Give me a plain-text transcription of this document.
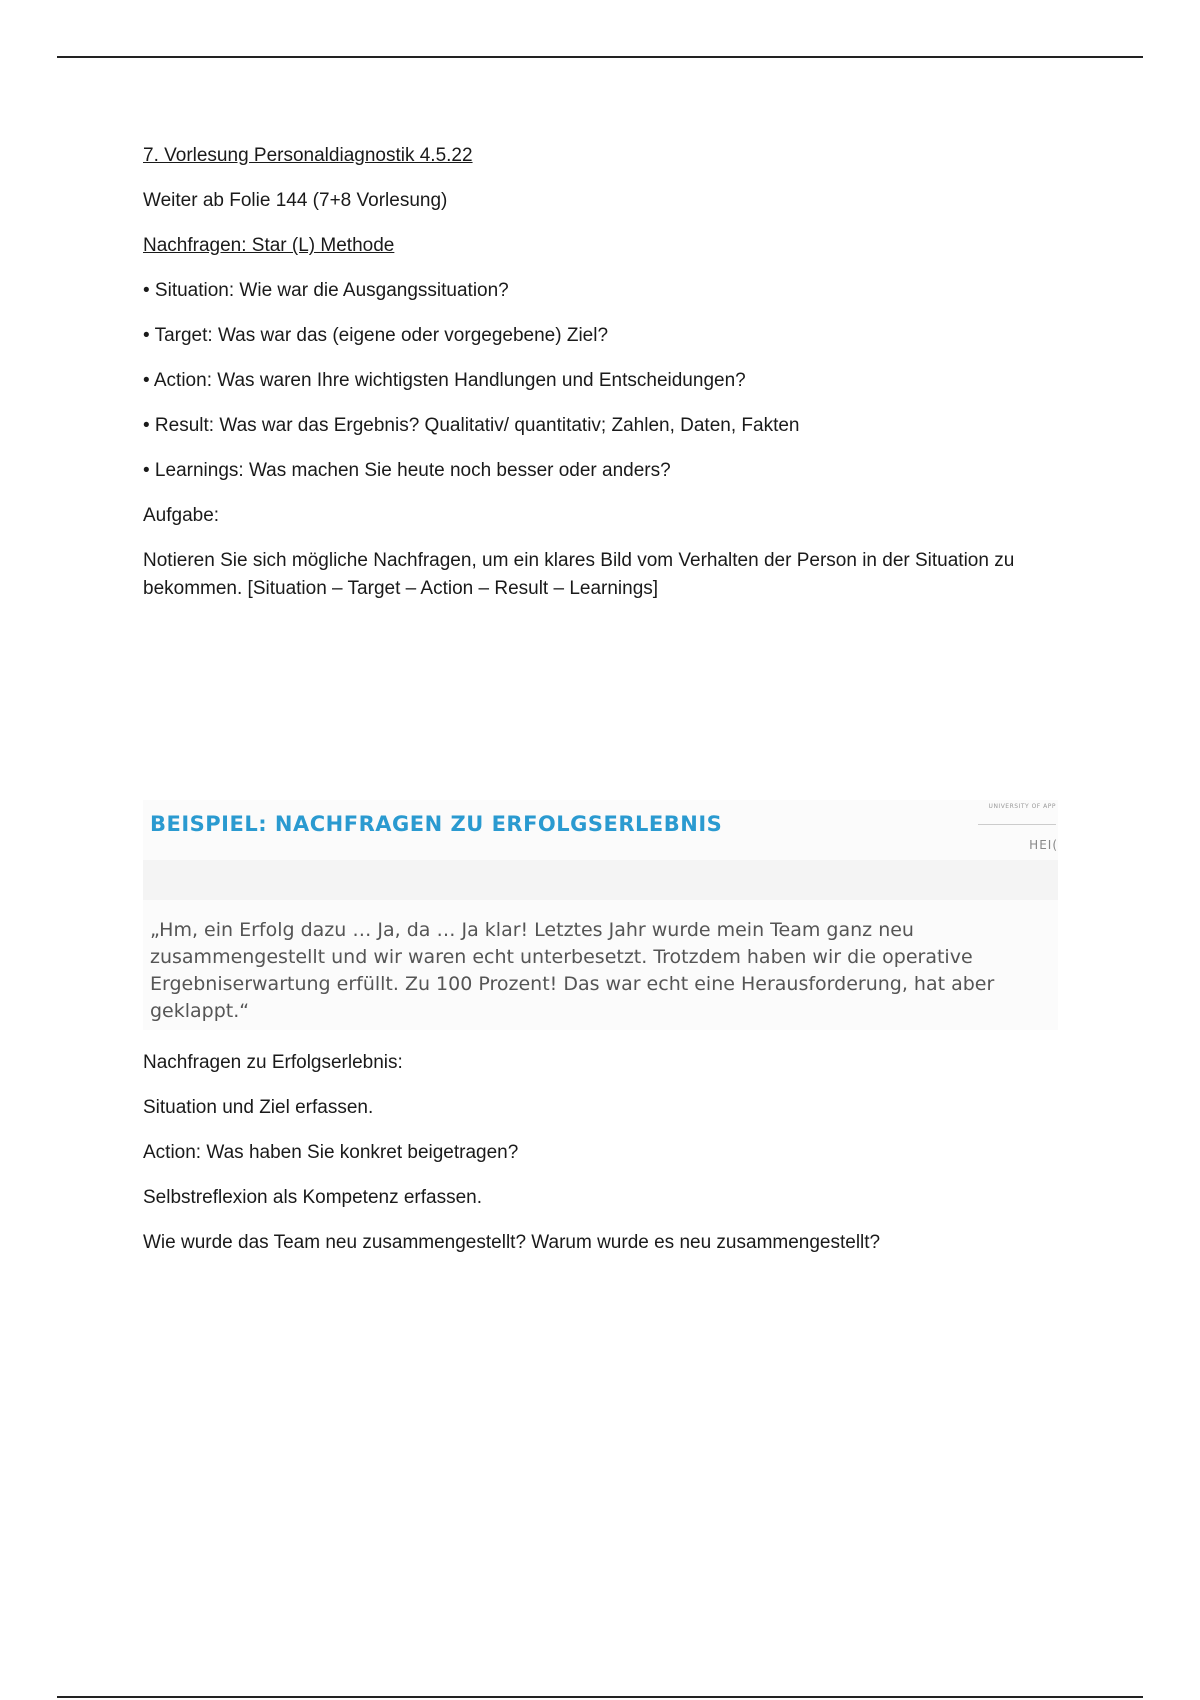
7. Vorlesung Personaldiagnostik 4.5.22

Weiter ab Folie 144 (7+8 Vorlesung)

Nachfragen: Star (L) Methode

• Situation: Wie war die Ausgangssituation?

• Target: Was war das (eigene oder vorgegebene) Ziel?

• Action: Was waren Ihre wichtigsten Handlungen und Entscheidungen?

• Result: Was war das Ergebnis? Qualitativ/ quantitativ; Zahlen, Daten, Fakten

• Learnings: Was machen Sie heute noch besser oder anders?

Aufgabe:

Notieren Sie sich mögliche Nachfragen, um ein klares Bild vom Verhalten der Person in der Situation zu bekommen. [Situation – Target – Action – Result – Learnings]

BEISPIEL: NACHFRAGEN ZU ERFOLGSERLEBNIS
UNIVERSITY OF APP
HEI(
„Hm, ein Erfolg dazu … Ja, da … Ja klar! Letztes Jahr wurde mein Team ganz neu zusammengestellt und wir waren echt unterbesetzt. Trotzdem haben wir die operative Ergebniserwartung erfüllt. Zu 100 Prozent! Das war echt eine Herausforderung, hat aber geklappt.“

Nachfragen zu Erfolgserlebnis:

Situation und Ziel erfassen.

Action: Was haben Sie konkret beigetragen?

Selbstreflexion als Kompetenz erfassen.

Wie wurde das Team neu zusammengestellt? Warum wurde es neu zusammengestellt?
